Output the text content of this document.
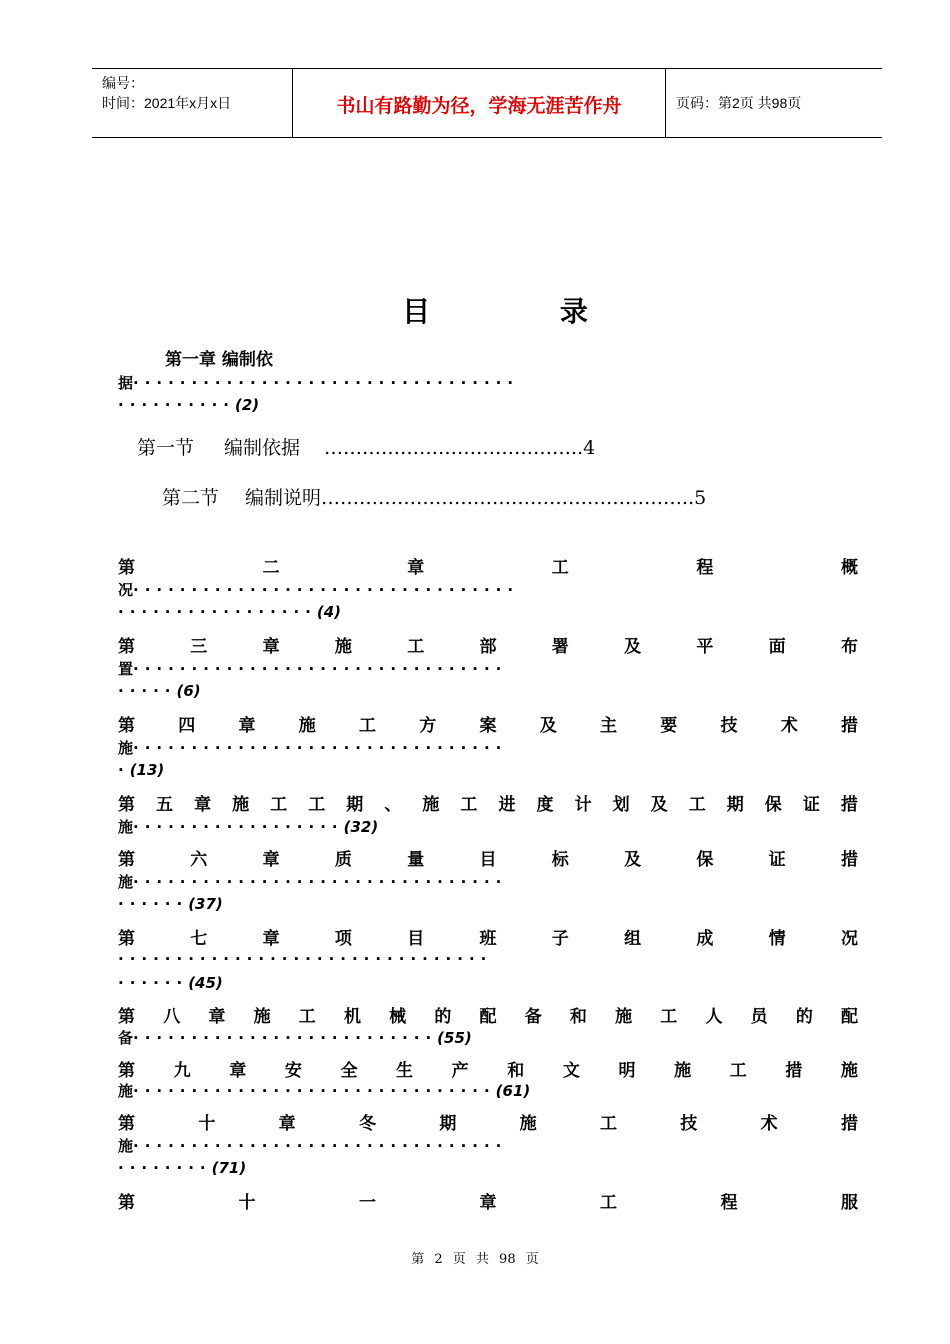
编号：
时间：2021年x月x日	书山有路勤为径，学海无涯苦作舟	页码：第2页 共98页
目 录
第一章 编制依
据·································
··········(2)
第一节 编制依据 …………………………………..4
第二节 编制说明…………………………………………………..5
第	二	章	工	程	概
况·································
·················(4)
第	三	章	施	工	部	署	及	平	面	布
置································
·····(6)
第	四	章	施	工	方	案	及	主	要	技	术	措
施································
·(13)
第 五 章 施 工 工 期 、 施 工 进 度 计 划 及 工 期 保 证 措
施··················(32)
第	六	章	质	量	目	标	及	保	证	措
施································
······(37)
第	七	章	项	目	班	子	组	成	情	况
································
······(45)
第 八 章 施 工 机 械 的 配 备 和 施 工 人 员 的 配
备··························(55)
第 九 章 安 全 生 产 和 文 明 施 工 措 施
施·······························(61)
第	十	章	冬	期	施	工	技	术	措
施································
········(71)
第	十	一	章	工	程	服
第 2 页 共 98 页
